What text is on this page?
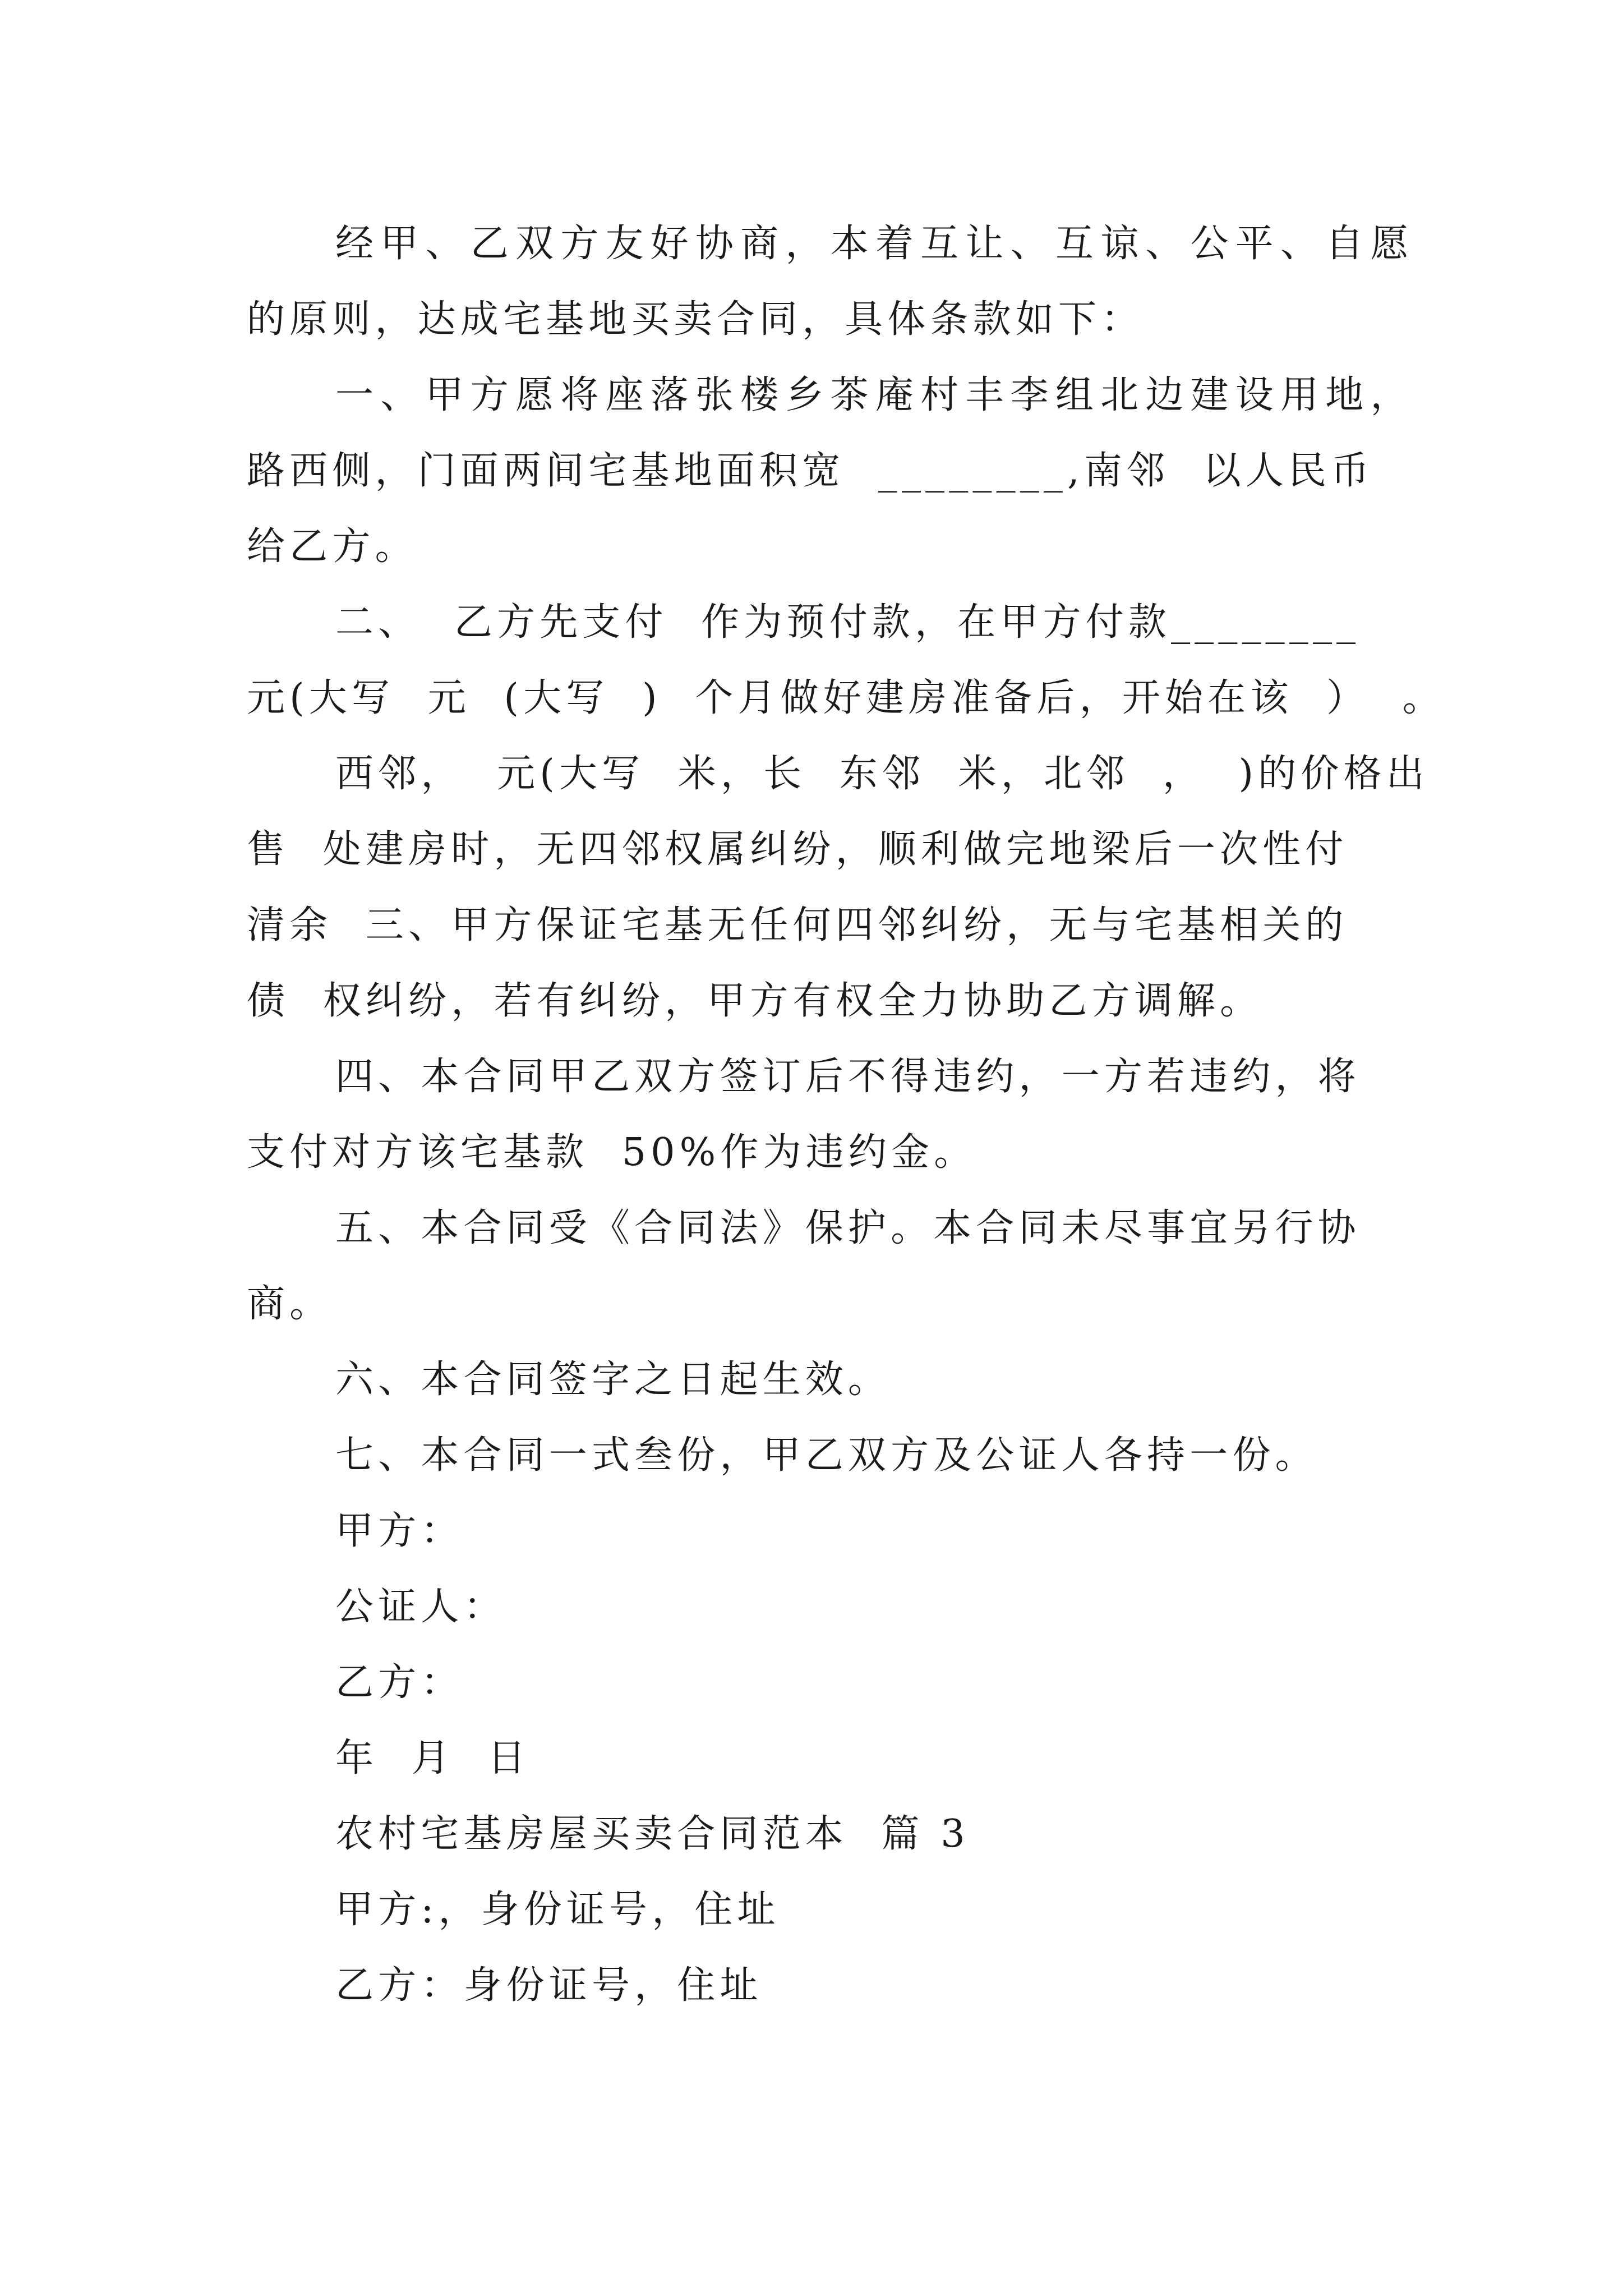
经甲、乙双方友好协商，本着互让、互谅、公平、自愿
的原则，达成宅基地买卖合同，具体条款如下：
一、甲方愿将座落张楼乡茶庵村丰李组北边建设用地，
路西侧，门面两间宅基地面积宽  ________,南邻  以人民币
给乙方。
二、  乙方先支付  作为预付款，在甲方付款________
元(大写  元  (大写  )  个月做好建房准备后，开始在该  ）  。
西邻，  元(大写  米，长  东邻  米，北邻  ，  )的价格出
售  处建房时，无四邻权属纠纷，顺利做完地梁后一次性付
清余  三、甲方保证宅基无任何四邻纠纷，无与宅基相关的
债  权纠纷，若有纠纷，甲方有权全力协助乙方调解。
四、本合同甲乙双方签订后不得违约，一方若违约，将
支付对方该宅基款  50%作为违约金。
五、本合同受《合同法》保护。本合同未尽事宜另行协
商。
六、本合同签字之日起生效。
七、本合同一式叁份，甲乙双方及公证人各持一份。
甲方：
公证人：
乙方：
年  月  日
农村宅基房屋买卖合同范本  篇 3
甲方:，身份证号，住址
乙方：身份证号，住址
